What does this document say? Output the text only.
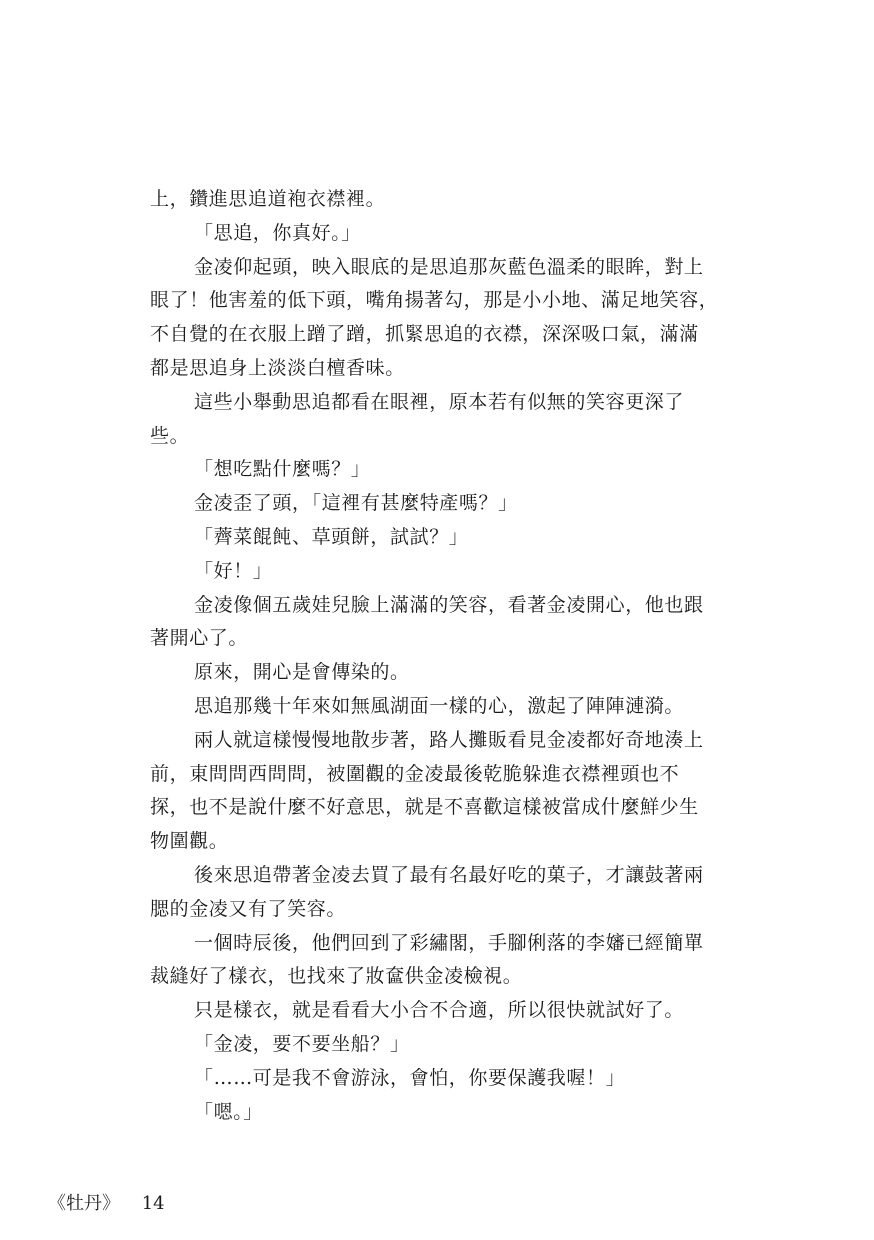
上，鑽進思追道袍衣襟裡。
「思追，你真好。」
金凌仰起頭，映入眼底的是思追那灰藍色溫柔的眼眸，對上
眼了！他害羞的低下頭，嘴角揚著勾，那是小小地、滿足地笑容，
不自覺的在衣服上蹭了蹭，抓緊思追的衣襟，深深吸口氣，滿滿
都是思追身上淡淡白檀香味。
這些小舉動思追都看在眼裡，原本若有似無的笑容更深了
些。
「想吃點什麼嗎？」
金凌歪了頭，「這裡有甚麼特產嗎？」
「薺菜餛飩、草頭餅，試試？」
「好！」
金凌像個五歲娃兒臉上滿滿的笑容，看著金凌開心，他也跟
著開心了。
原來，開心是會傳染的。
思追那幾十年來如無風湖面一樣的心，激起了陣陣漣漪。
兩人就這樣慢慢地散步著，路人攤販看見金凌都好奇地湊上
前，東問問西問問，被圍觀的金凌最後乾脆躲進衣襟裡頭也不
探，也不是說什麼不好意思，就是不喜歡這樣被當成什麼鮮少生
物圍觀。
後來思追帶著金凌去買了最有名最好吃的菓子，才讓鼓著兩
腮的金凌又有了笑容。
一個時辰後，他們回到了彩繡閣，手腳俐落的李嬸已經簡單
裁縫好了樣衣，也找來了妝奩供金凌檢視。
只是樣衣，就是看看大小合不合適，所以很快就試好了。
「金凌，要不要坐船？」
「……可是我不會游泳，會怕，你要保護我喔！」
「嗯。」
《牡丹》 14
